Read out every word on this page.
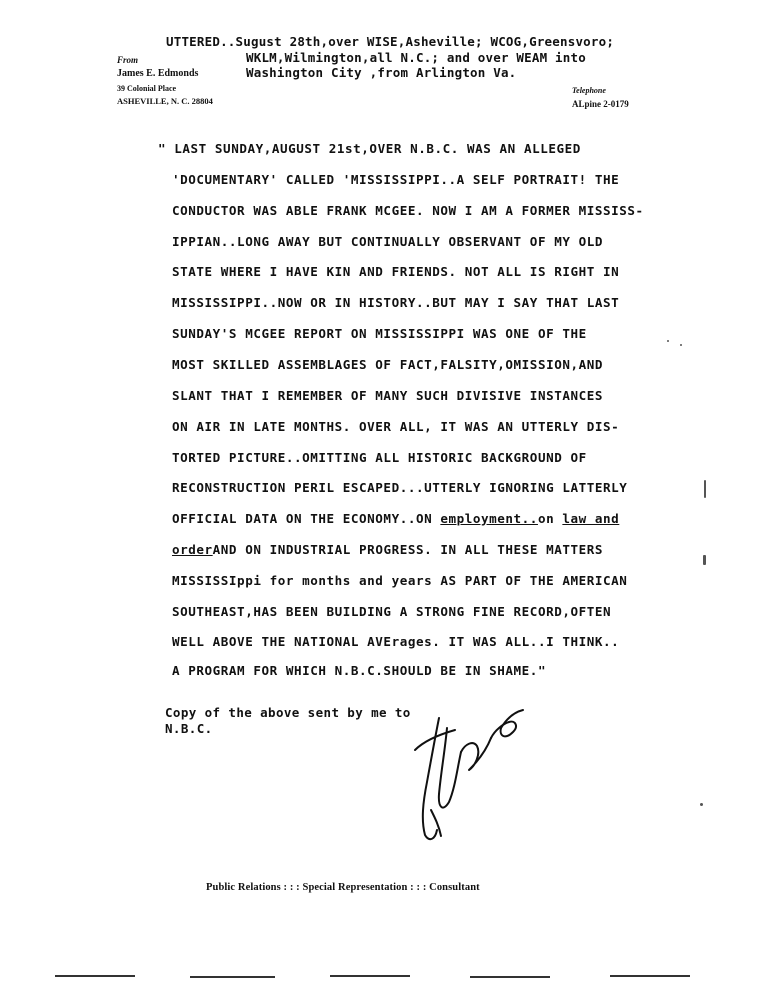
UTTERED..Sugust 28th,over WISE,Asheville; WCOG,Greensvoro;
WKLM,Wilmington,all N.C.; and over WEAM into
Washington City ,from Arlington Va.
From
James E. Edmonds
39 Colonial Place
ASHEVILLE, N. C. 28804
Telephone
ALpine 2-0179
" LAST SUNDAY,AUGUST 21st,OVER N.B.C. WAS AN ALLEGED
'DOCUMENTARY' CALLED 'MISSISSIPPI..A SELF PORTRAIT! THE
CONDUCTOR WAS ABLE FRANK MCGEE. NOW I AM A FORMER MISSISS-
IPPIAN..LONG AWAY BUT CONTINUALLY OBSERVANT OF MY OLD
STATE WHERE I HAVE KIN AND FRIENDS. NOT ALL IS RIGHT IN
MISSISSIPPI..NOW OR IN HISTORY..BUT MAY I SAY THAT LAST
SUNDAY'S MCGEE REPORT ON MISSISSIPPI WAS ONE OF THE
MOST SKILLED ASSEMBLAGES OF FACT,FALSITY,OMISSION,AND
SLANT THAT I REMEMBER OF MANY SUCH DIVISIVE INSTANCES
ON AIR IN LATE MONTHS. OVER ALL, IT WAS AN UTTERLY DIS-
TORTED PICTURE..OMITTING ALL HISTORIC BACKGROUND OF
RECONSTRUCTION PERIL ESCAPED...UTTERLY IGNORING LATTERLY
OFFICIAL DATA ON THE ECONOMY..ON employment..on law and
orderAND ON INDUSTRIAL PROGRESS. IN ALL THESE MATTERS
MISSISSIppi for months and years AS PART OF THE AMERICAN
SOUTHEAST,HAS BEEN BUILDING A STRONG FINE RECORD,OFTEN
WELL ABOVE THE NATIONAL AVErages. IT WAS ALL..I THINK..
A PROGRAM FOR WHICH N.B.C.SHOULD BE IN SHAME."
Copy of the above sent by me to
N.B.C.
Public Relations : : : Special Representation : : : Consultant
